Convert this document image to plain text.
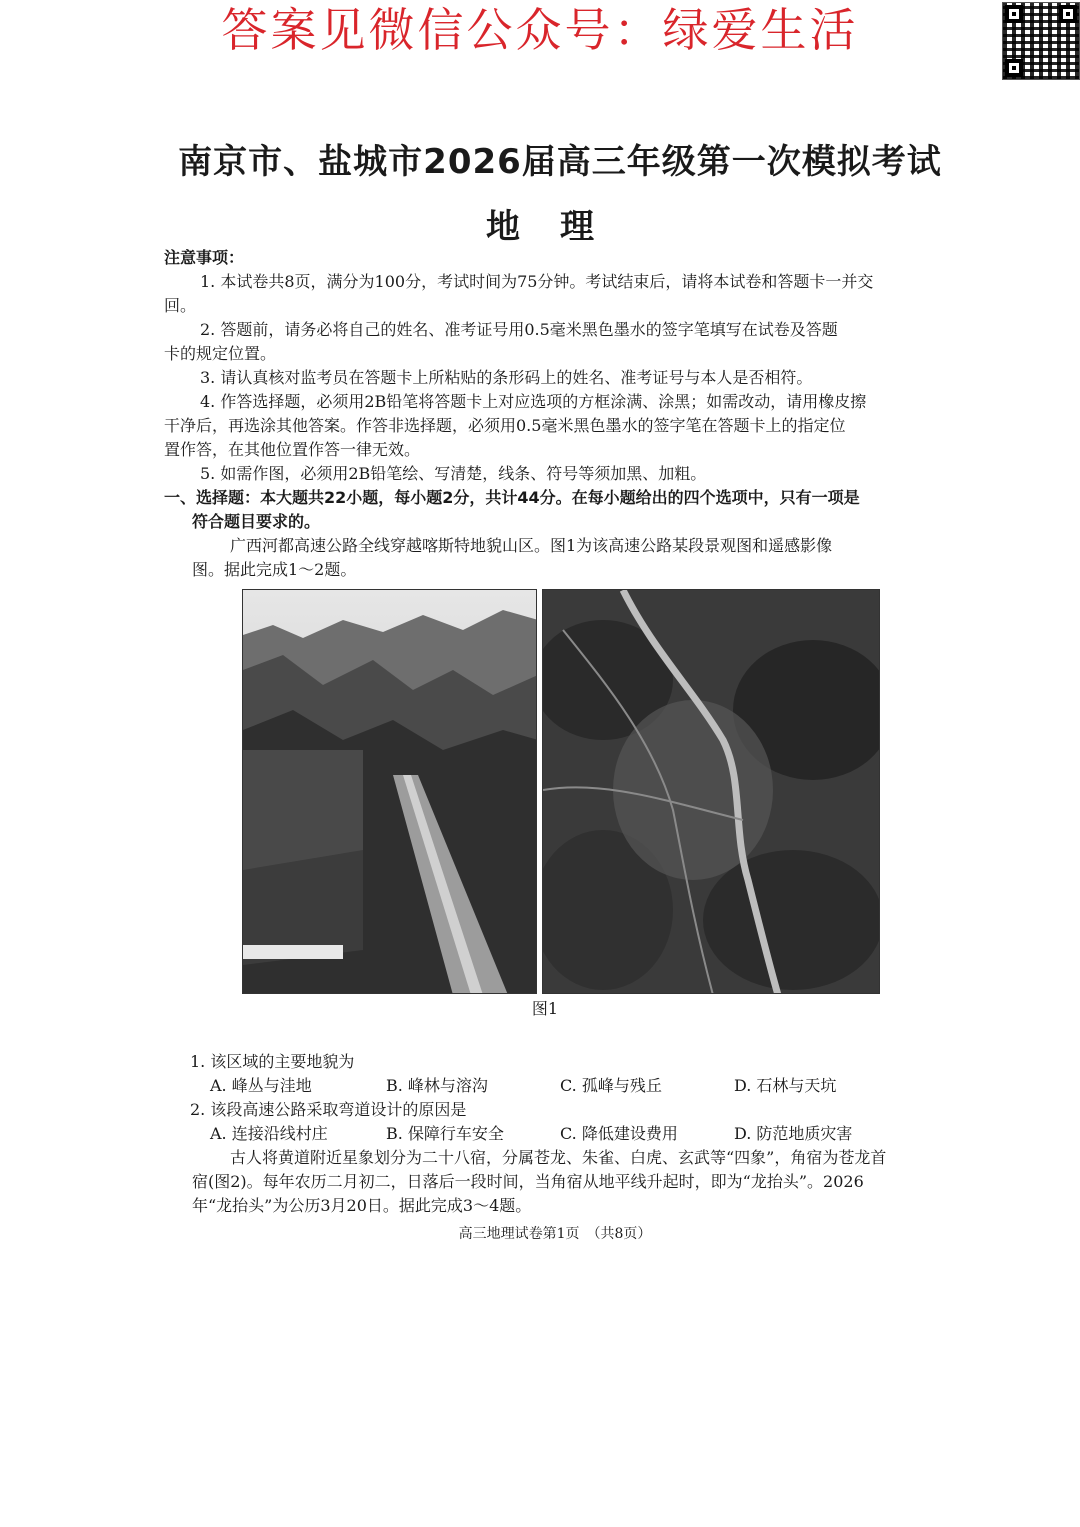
答案见微信公众号：绿爱生活
南京市、盐城市2026届高三年级第一次模拟考试
地理
注意事项：
1. 本试卷共8页，满分为100分，考试时间为75分钟。考试结束后，请将本试卷和答题卡一并交
回。
2. 答题前，请务必将自己的姓名、准考证号用0.5毫米黑色墨水的签字笔填写在试卷及答题
卡的规定位置。
3. 请认真核对监考员在答题卡上所粘贴的条形码上的姓名、准考证号与本人是否相符。
4. 作答选择题，必须用2B铅笔将答题卡上对应选项的方框涂满、涂黑；如需改动，请用橡皮擦
干净后，再选涂其他答案。作答非选择题，必须用0.5毫米黑色墨水的签字笔在答题卡上的指定位
置作答，在其他位置作答一律无效。
5. 如需作图，必须用2B铅笔绘、写清楚，线条、符号等须加黑、加粗。
一、选择题：本大题共22小题，每小题2分，共计44分。在每小题给出的四个选项中，只有一项是
符合题目要求的。
广西河都高速公路全线穿越喀斯特地貌山区。图1为该高速公路某段景观图和遥感影像
图。据此完成1～2题。
图1
1. 该区域的主要地貌为
A. 峰丛与洼地	B. 峰林与溶沟	C. 孤峰与残丘	D. 石林与天坑
2. 该段高速公路采取弯道设计的原因是
A. 连接沿线村庄	B. 保障行车安全	C. 降低建设费用	D. 防范地质灾害
古人将黄道附近星象划分为二十八宿，分属苍龙、朱雀、白虎、玄武等“四象”，角宿为苍龙首
宿(图2)。每年农历二月初二，日落后一段时间，当角宿从地平线升起时，即为“龙抬头”。2026
年“龙抬头”为公历3月20日。据此完成3～4题。
高三地理试卷第1页　（共8页）
